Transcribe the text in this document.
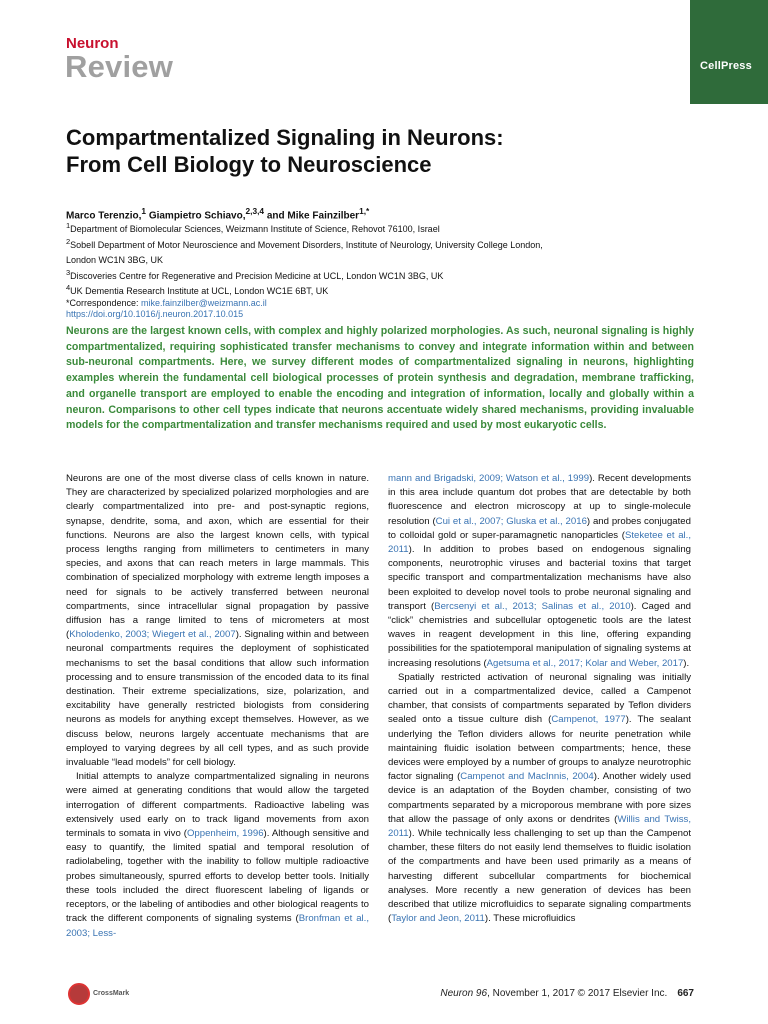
Neuron
Review	CellPress
Compartmentalized Signaling in Neurons:
From Cell Biology to Neuroscience
Marco Terenzio,$^1$ Giampietro Schiavo,$^{2,3,4}$ and Mike Fainzilber$^{1,*}$
$^1$Department of Biomolecular Sciences, Weizmann Institute of Science, Rehovot 76100, Israel
$^2$Sobell Department of Motor Neuroscience and Movement Disorders, Institute of Neurology, University College London,
London WC1N 3BG, UK
$^3$Discoveries Centre for Regenerative and Precision Medicine at UCL, London WC1N 3BG, UK
$^4$UK Dementia Research Institute at UCL, London WC1E 6BT, UK
*Correspondence: mike.fainzilber@weizmann.ac.il
https://doi.org/10.1016/j.neuron.2017.10.015
Neurons are the largest known cells, with complex and highly polarized morphologies. As such, neuronal signaling is highly compartmentalized, requiring sophisticated transfer mechanisms to convey and integrate information within and between sub-neuronal compartments. Here, we survey different modes of compartmentalized signaling in neurons, highlighting examples wherein the fundamental cell biological processes of protein synthesis and degradation, membrane trafficking, and organelle transport are employed to enable the encoding and integration of information, locally and globally within a neuron. Comparisons to other cell types indicate that neurons accentuate widely shared mechanisms, providing invaluable models for the compartmentalization and transfer mechanisms required and used by most eukaryotic cells.

Neurons are one of the most diverse class of cells known in nature. They are characterized by specialized polarized morphologies and are clearly compartmentalized into pre- and post-synaptic regions, synapse, dendrite, soma, and axon, which are essential for their functions. Neurons are also the largest known cells, with typical process lengths ranging from millimeters to centimeters in many species, and axons that can reach meters in large mammals. This combination of specialized morphology with extreme length imposes a need for signals to be actively transferred between neuronal compartments, since intracellular signal propagation by passive diffusion has a range limited to tens of micrometers at most (Kholodenko, 2003; Wiegert et al., 2007). Signaling within and between neuronal compartments requires the deployment of sophisticated mechanisms to set the basal conditions that allow such information processing and to ensure transmission of the encoded data to its final destination. Their extreme specializations, size, polarization, and excitability have generally restricted biologists from considering neurons as models for anything except themselves. However, as we discuss below, neurons largely accentuate mechanisms that are employed to varying degrees by all cell types, and as such provide invaluable “lead models” for cell biology.

Initial attempts to analyze compartmentalized signaling in neurons were aimed at generating conditions that would allow the targeted interrogation of different compartments. Radioactive labeling was extensively used early on to track ligand movements from axon terminals to somata in vivo (Oppenheim, 1996). Although sensitive and easy to quantify, the limited spatial and temporal resolution of radiolabeling, together with the inability to follow multiple radioactive probes simultaneously, spurred efforts to develop better tools. Initially these tools included the direct fluorescent labeling of ligands or receptors, or the labeling of antibodies and other biological reagents to track the different components of signaling systems (Bronfman et al., 2003; Less-

mann and Brigadski, 2009; Watson et al., 1999). Recent developments in this area include quantum dot probes that are detectable by both fluorescence and electron microscopy at up to single-molecule resolution (Cui et al., 2007; Gluska et al., 2016) and probes conjugated to colloidal gold or super-paramagnetic nanoparticles (Steketee et al., 2011). In addition to probes based on endogenous signaling components, neurotrophic viruses and bacterial toxins that target specific transport and compartmentalization mechanisms have also been exploited to develop novel tools to probe neuronal signaling and transport (Bercsenyi et al., 2013; Salinas et al., 2010). Caged and “click” chemistries and subcellular optogenetic tools are the latest waves in reagent development in this line, offering expanding possibilities for the spatiotemporal manipulation of signaling systems at increasing resolutions (Agetsuma et al., 2017; Kolar and Weber, 2017).

Spatially restricted activation of neuronal signaling was initially carried out in a compartmentalized device, called a Campenot chamber, that consists of compartments separated by Teflon dividers sealed onto a tissue culture dish (Campenot, 1977). The sealant underlying the Teflon dividers allows for neurite penetration while maintaining fluidic isolation between compartments; hence, these devices were employed by a number of groups to analyze neurotrophic factor signaling (Campenot and MacInnis, 2004). Another widely used device is an adaptation of the Boyden chamber, consisting of two compartments separated by a microporous membrane with pore sizes that allow the passage of only axons or dendrites (Willis and Twiss, 2011). While technically less challenging to set up than the Campenot chamber, these filters do not easily lend themselves to fluidic isolation of the compartments and have been used primarily as a means of harvesting different subcellular compartments for biochemical analyses. More recently a new generation of devices has been described that utilize microfluidics to separate signaling compartments (Taylor and Jeon, 2011). These microfluidics

CrossMark	Neuron 96, November 1, 2017 © 2017 Elsevier Inc. 667
